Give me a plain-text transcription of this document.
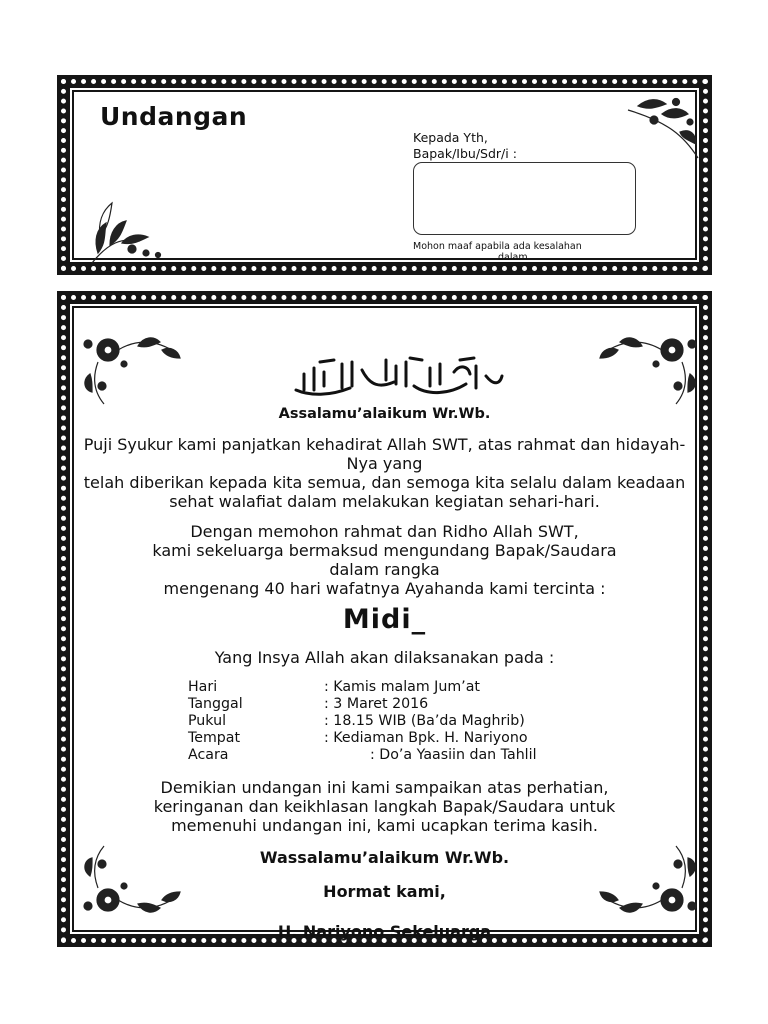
Undangan
Kepada Yth,
Bapak/Ibu/Sdr/i :
Mohon maaf apabila ada kesalahan
dalam
Assalamu’alaikum Wr.Wb.
Puji Syukur kami panjatkan kehadirat Allah SWT, atas rahmat dan hidayah-
Nya yang
telah diberikan kepada kita semua, dan semoga kita selalu dalam keadaan
sehat walafiat dalam melakukan kegiatan sehari-hari.
Dengan memohon rahmat dan Ridho Allah SWT,
kami sekeluarga bermaksud mengundang Bapak/Saudara
dalam rangka
mengenang 40 hari wafatnya Ayahanda kami tercinta :
Midi_
Yang Insya Allah akan dilaksanakan pada :
Hari	: Kamis malam Jum’at
Tanggal	: 3 Maret 2016
Pukul	: 18.15 WIB (Ba’da Maghrib)
Tempat	: Kediaman Bpk. H. Nariyono
Acara	: Do’a Yaasiin dan Tahlil
Demikian undangan ini kami sampaikan atas perhatian,
keringanan dan keikhlasan langkah Bapak/Saudara untuk
memenuhi undangan ini, kami ucapkan terima kasih.
Wassalamu’alaikum Wr.Wb.
Hormat kami,
H. Nariyono Sekeluarga
